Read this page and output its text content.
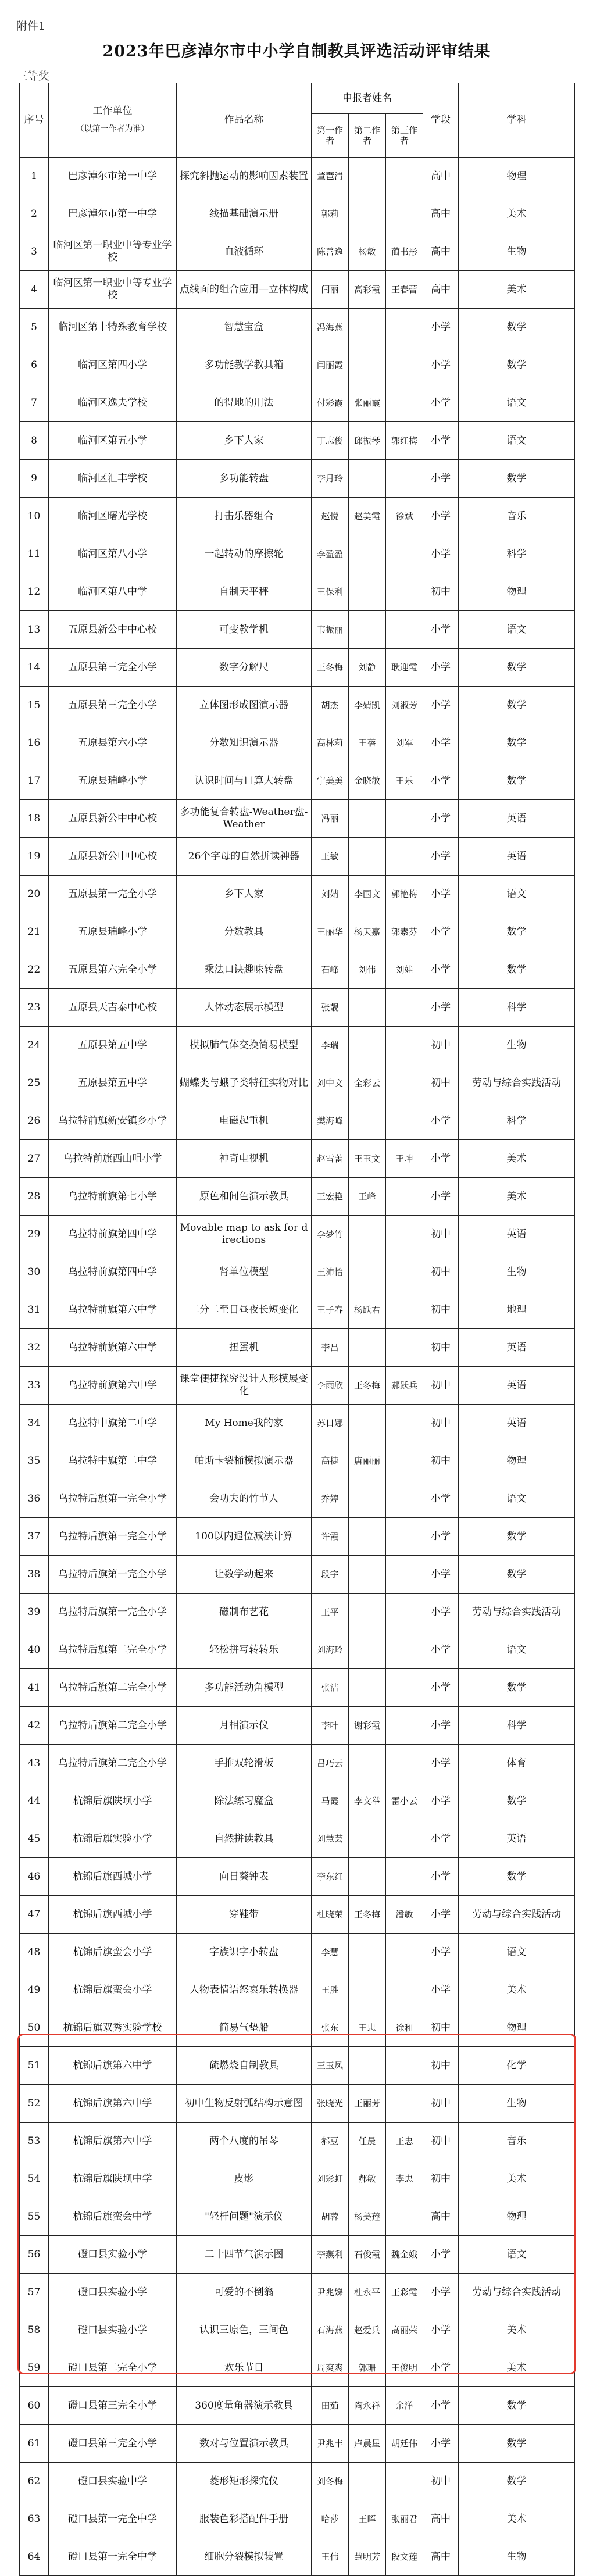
附件1
2023年巴彦淖尔市中小学自制教具评选活动评审结果
三等奖
序号	工作单位
（以第一作者为准）	作品名称	申报者姓名			学段	学科
			第一作者	第二作者	第三作者		
1	巴彦淖尔市第一中学	探究斜抛运动的影响因素装置	董琶清			高中	物理
2	巴彦淖尔市第一中学	线描基础演示册	郭莉			高中	美术
3	临河区第一职业中等专业学校	血液循环	陈善逸	杨敏	蔺书彤	高中	生物
4	临河区第一职业中等专业学校	点线面的组合应用—立体构成	闫丽	高彩霞	王春蕾	高中	美术
5	临河区第十特殊教育学校	智慧宝盒	冯海燕			小学	数学
6	临河区第四小学	多功能教学教具箱	闫丽霞			小学	数学
7	临河区逸夫学校	的得地的用法	付彩霞	张丽霞		小学	语文
8	临河区第五小学	乡下人家	丁志俊	邱振琴	郭红梅	小学	语文
9	临河区汇丰学校	多功能转盘	李月玲			小学	数学
10	临河区曙光学校	打击乐器组合	赵悦	赵美霞	徐斌	小学	音乐
11	临河区第八小学	一起转动的摩擦轮	李盈盈			小学	科学
12	临河区第八中学	自制天平秤	王保利			初中	物理
13	五原县新公中中心校	可变教学机	韦振丽			小学	语文
14	五原县第三完全小学	数字分解尺	王冬梅	刘静	耿迎霞	小学	数学
15	五原县第三完全小学	立体图形成图演示器	胡杰	李婧凯	刘淑芳	小学	数学
16	五原县第六小学	分数知识演示器	高林莉	王蓓	刘军	小学	数学
17	五原县瑞峰小学	认识时间与口算大转盘	宁美美	金晓敏	王乐	小学	数学
18	五原县新公中中心校	多功能复合转盘-Weather盘-Weather	冯丽			小学	英语
19	五原县新公中中心校	26个字母的自然拼读神器	王敏			小学	英语
20	五原县第一完全小学	乡下人家	刘婧	李国文	郭艳梅	小学	语文
21	五原县瑞峰小学	分数教具	王丽华	杨天嘉	郭素芬	小学	数学
22	五原县第六完全小学	乘法口诀趣味转盘	石峰	刘伟	刘娃	小学	数学
23	五原县天吉泰中心校	人体动态展示模型	张靓			小学	科学
24	五原县第五中学	模拟肺气体交换简易模型	李瑞			初中	生物
25	五原县第五中学	蝴蝶类与蛾子类特征实物对比	刘中文	全彩云		初中	劳动与综合实践活动
26	乌拉特前旗新安镇乡小学	电磁起重机	樊海峰			小学	科学
27	乌拉特前旗西山咀小学	神奇电视机	赵雪蕾	王玉文	王坤	小学	美术
28	乌拉特前旗第七小学	原色和间色演示教具	王宏艳	王峰		小学	美术
29	乌拉特前旗第四中学	Movable map to ask for directions	李梦竹			初中	英语
30	乌拉特前旗第四中学	肾单位模型	王沛怡			初中	生物
31	乌拉特前旗第六中学	二分二至日昼夜长短变化	王子春	杨跃君		初中	地理
32	乌拉特前旗第六中学	扭蛋机	李昌			初中	英语
33	乌拉特前旗第六中学	课堂便捷探究设计人形模展变化	李雨欣	王冬梅	郝跃兵	初中	英语
34	乌拉特中旗第二中学	My Home我的家	苏日娜			初中	英语
35	乌拉特中旗第二中学	帕斯卡裂桶模拟演示器	高捷	唐丽丽		初中	物理
36	乌拉特后旗第一完全小学	会功夫的竹节人	乔婷			小学	语文
37	乌拉特后旗第一完全小学	100以内退位减法计算	许霞			小学	数学
38	乌拉特后旗第一完全小学	让数学动起来	段宇			小学	数学
39	乌拉特后旗第一完全小学	磁制布艺花	王平			小学	劳动与综合实践活动
40	乌拉特后旗第二完全小学	轻松拼写转转乐	刘海玲			小学	语文
41	乌拉特后旗第二完全小学	多功能活动角模型	张洁			小学	数学
42	乌拉特后旗第二完全小学	月相演示仪	李叶	谢彩霞		小学	科学
43	乌拉特后旗第二完全小学	手推双轮滑板	吕巧云			小学	体育
44	杭锦后旗陕坝小学	除法练习魔盒	马霞	李文举	雷小云	小学	数学
45	杭锦后旗实验小学	自然拼读教具	刘慧芸			小学	英语
46	杭锦后旗西城小学	向日葵钟表	李东红			小学	数学
47	杭锦后旗西城小学	穿鞋带	杜晓荣	王冬梅	潘敏	小学	劳动与综合实践活动
48	杭锦后旗蛮会小学	字族识字小转盘	李慧			小学	语文
49	杭锦后旗蛮会小学	人物表情语怒哀乐转换器	王胜			小学	美术
50	杭锦后旗双秀实验学校	简易气垫船	张东	王忠	徐和	初中	物理
51	杭锦后旗第六中学	硫燃烧自制教具	王玉凤			初中	化学
52	杭锦后旗第六中学	初中生物反射弧结构示意图	张晓光	王丽芳		初中	生物
53	杭锦后旗第六中学	两个八度的吊琴	郝豆	任晨	王忠	初中	音乐
54	杭锦后旗陕坝中学	皮影	刘彩虹	郝敏	李忠	初中	美术
55	杭锦后旗蛮会中学	"轻杆问题"演示仪	胡蓉	杨美莲		高中	物理
56	磴口县实验小学	二十四节气演示图	李燕利	石俊霞	魏金娥	小学	语文
57	磴口县实验小学	可爱的不倒翁	尹兆娣	杜永平	王彩霞	小学	劳动与综合实践活动
58	磴口县实验小学	认识三原色，三间色	石海燕	赵爱兵	高丽荣	小学	美术
59	磴口县第二完全小学	欢乐节日	周爽爽	郭珊	王俊明	小学	美术
60	磴口县第三完全小学	360度量角器演示教具	田茹	陶永祥	余洋	小学	数学
61	磴口县第三完全小学	数对与位置演示教具	尹兆丰	卢晨星	胡廷伟	小学	数学
62	磴口县实验中学	菱形矩形探究仪	刘冬梅			初中	数学
63	磴口县第一完全中学	服装色彩搭配件手册	哈莎	王晖	张丽君	高中	美术
64	磴口县第一完全中学	细胞分裂模拟装置	王伟	慧明芳	段文莲	高中	生物
